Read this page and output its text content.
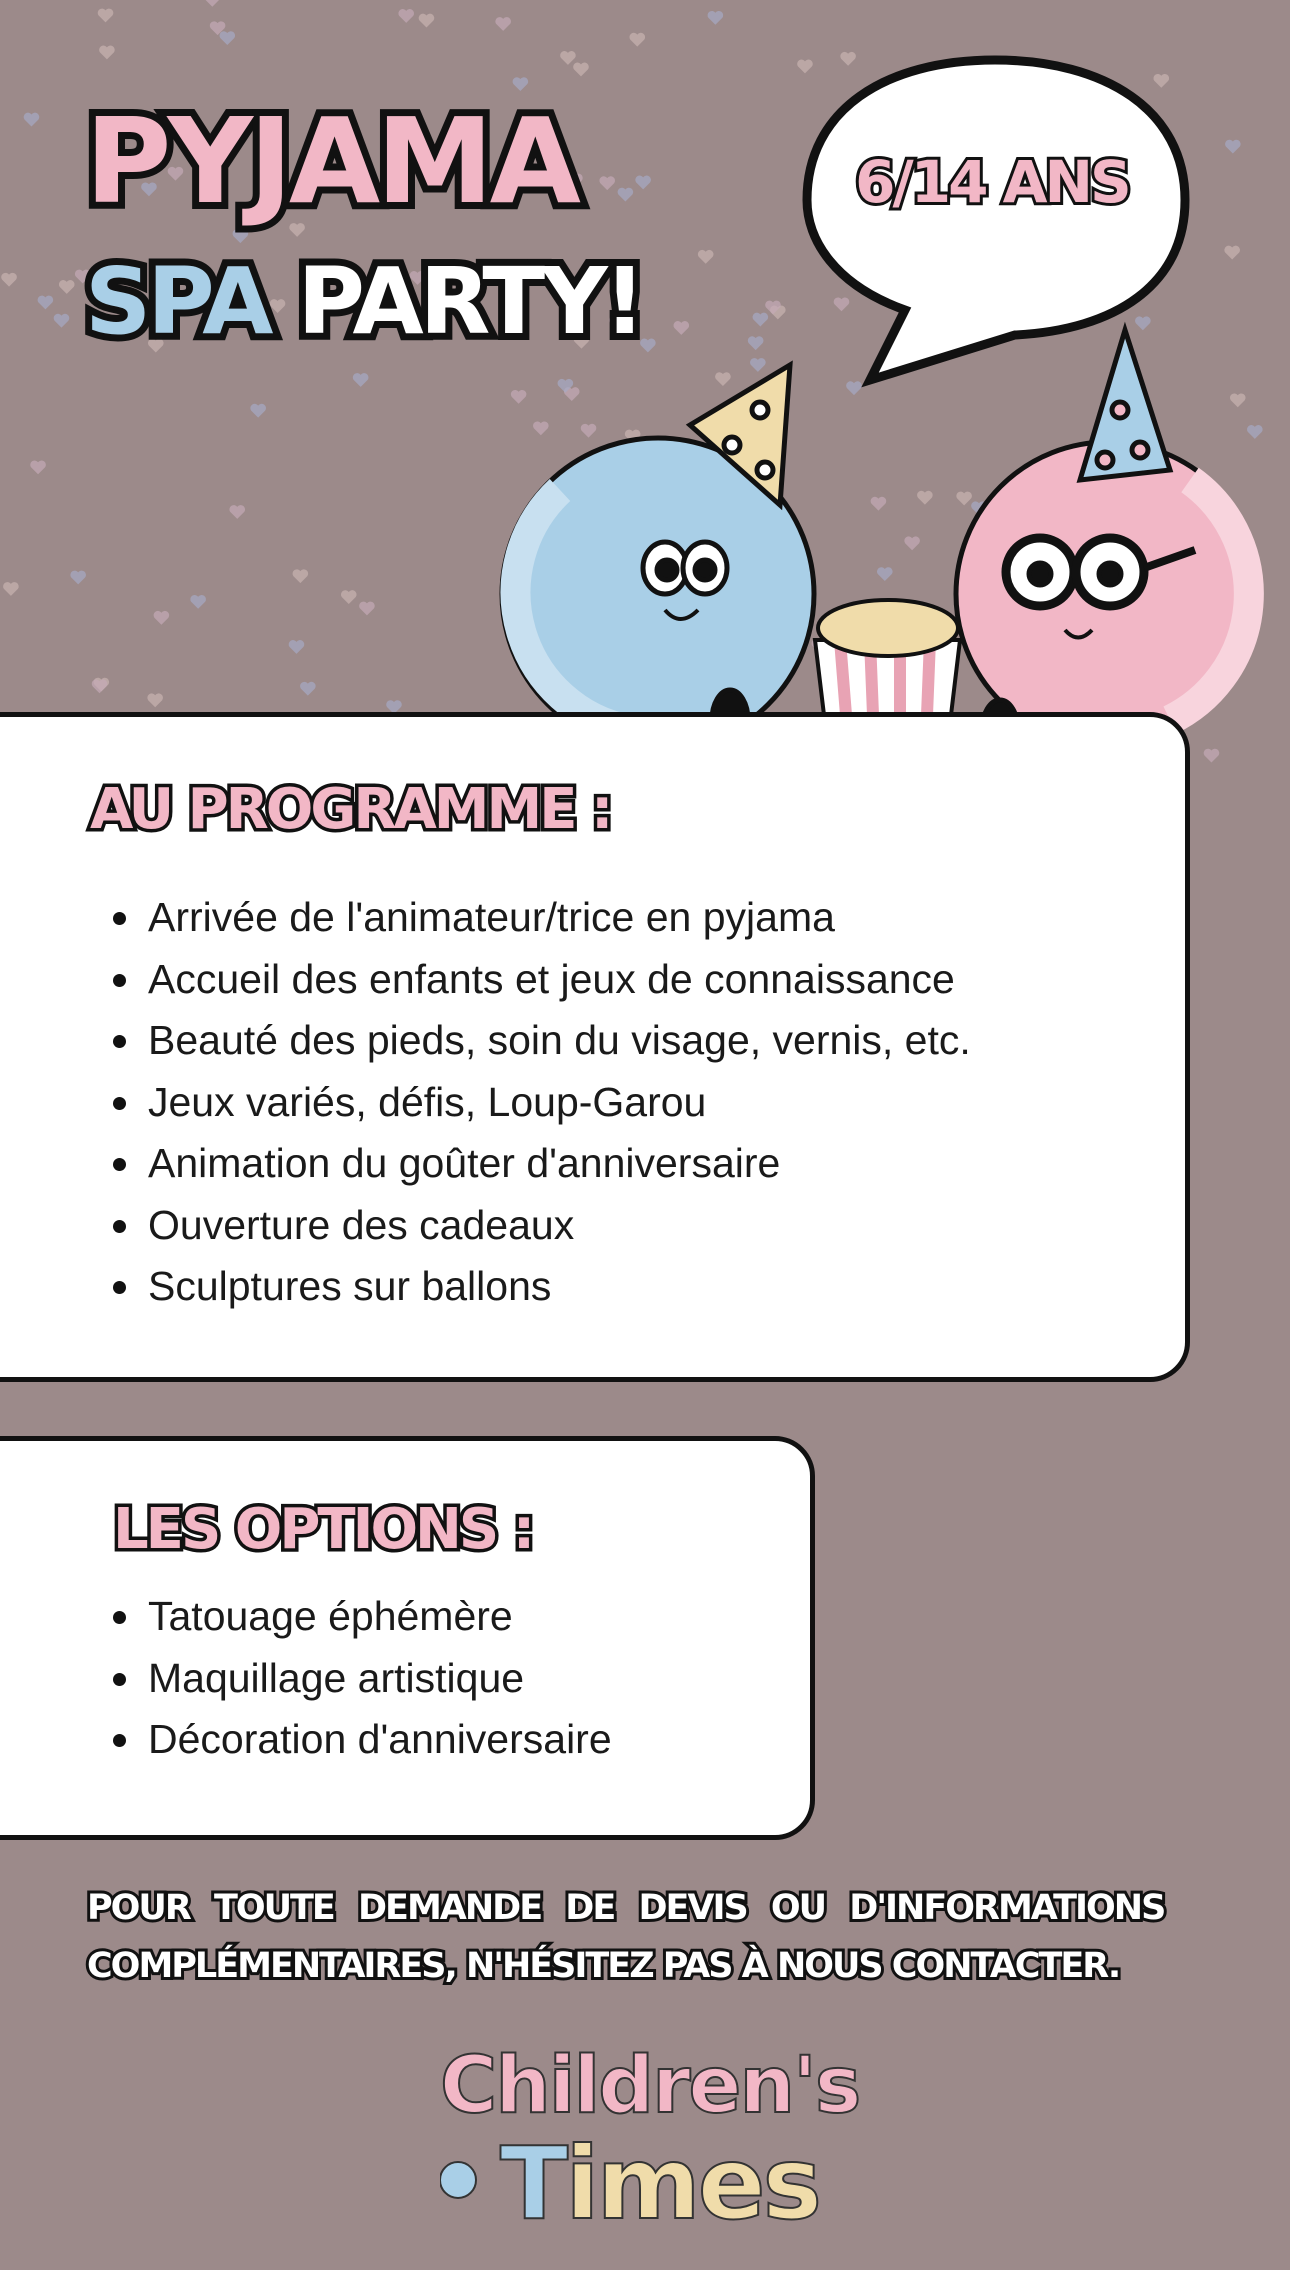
PYJAMA
SPA PARTY!
6/14 ANS
AU PROGRAMME :
Arrivée de l'animateur/trice en pyjama
Accueil des enfants et jeux de connaissance
Beauté des pieds, soin du visage, vernis, etc.
Jeux variés, défis, Loup-Garou
Animation du goûter d'anniversaire
Ouverture des cadeaux
Sculptures sur ballons
LES OPTIONS :
Tatouage éphémère
Maquillage artistique
Décoration d'anniversaire
POUR TOUTE DEMANDE DE DEVIS OU D'INFORMATIONS
COMPLÉMENTAIRES, N'HÉSITEZ PAS À NOUS CONTACTER.
Children's
Times
